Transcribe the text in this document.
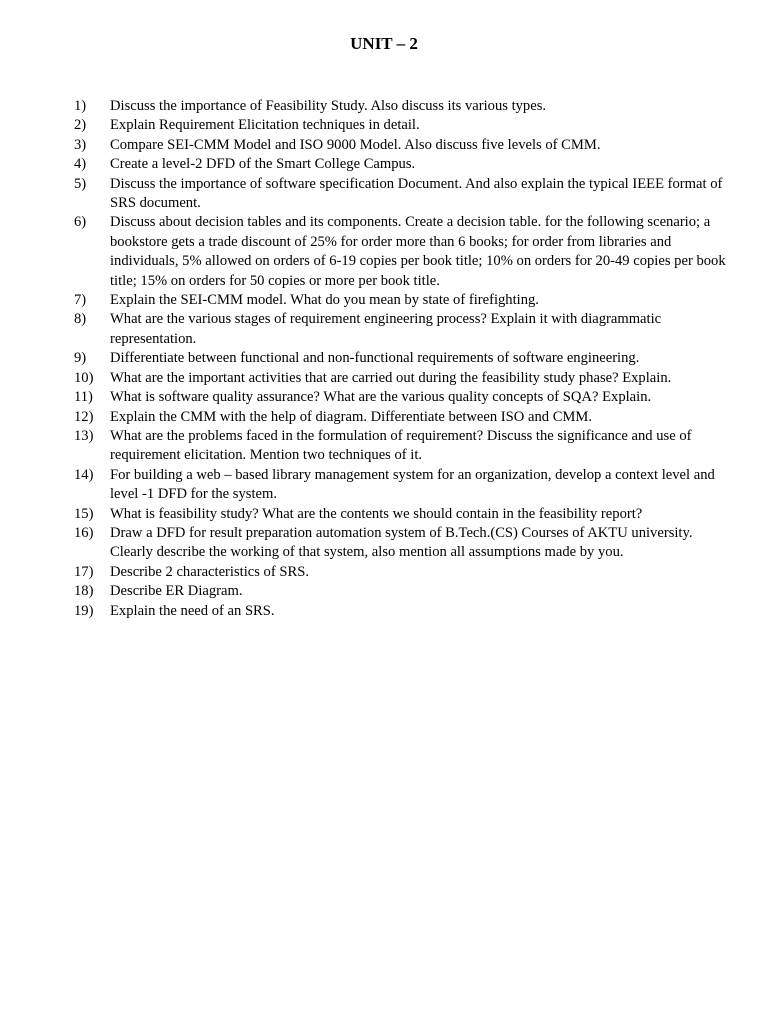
UNIT – 2
1)	Discuss the importance of Feasibility Study. Also discuss its various types.
2)	Explain Requirement Elicitation techniques in detail.
3)	Compare SEI-CMM Model and ISO 9000 Model. Also discuss five levels of CMM.
4)	Create a level-2 DFD of the Smart College Campus.
5)	Discuss the importance of software specification Document. And also explain the typical IEEE format of SRS document.
6)	Discuss about decision tables and its components. Create a decision table. for the following scenario; a bookstore gets a trade discount of 25% for order more than 6 books; for order from libraries and individuals, 5% allowed on orders of 6-19 copies per book title; 10% on orders for 20-49 copies per book title; 15% on orders for 50 copies or more per book title.
7)	Explain the SEI-CMM model. What do you mean by state of firefighting.
8)	What are the various stages of requirement engineering process? Explain it with diagrammatic representation.
9)	Differentiate between functional and non-functional requirements of software engineering.
10)	What are the important activities that are carried out during the feasibility study phase? Explain.
11)	What is software quality assurance? What are the various quality concepts of SQA? Explain.
12)	Explain the CMM with the help of diagram. Differentiate between ISO and CMM.
13)	What are the problems faced in the formulation of requirement? Discuss the significance and use of requirement elicitation. Mention two techniques of it.
14)	For building a web – based library management system for an organization, develop a context level and level -1 DFD for the system.
15)	What is feasibility study? What are the contents we should contain in the feasibility report?
16)	Draw a DFD for result preparation automation system of B.Tech.(CS) Courses of AKTU university. Clearly describe the working of that system, also mention all assumptions made by you.
17)	Describe 2 characteristics of SRS.
18)	Describe ER Diagram.
19)	Explain the need of an SRS.
